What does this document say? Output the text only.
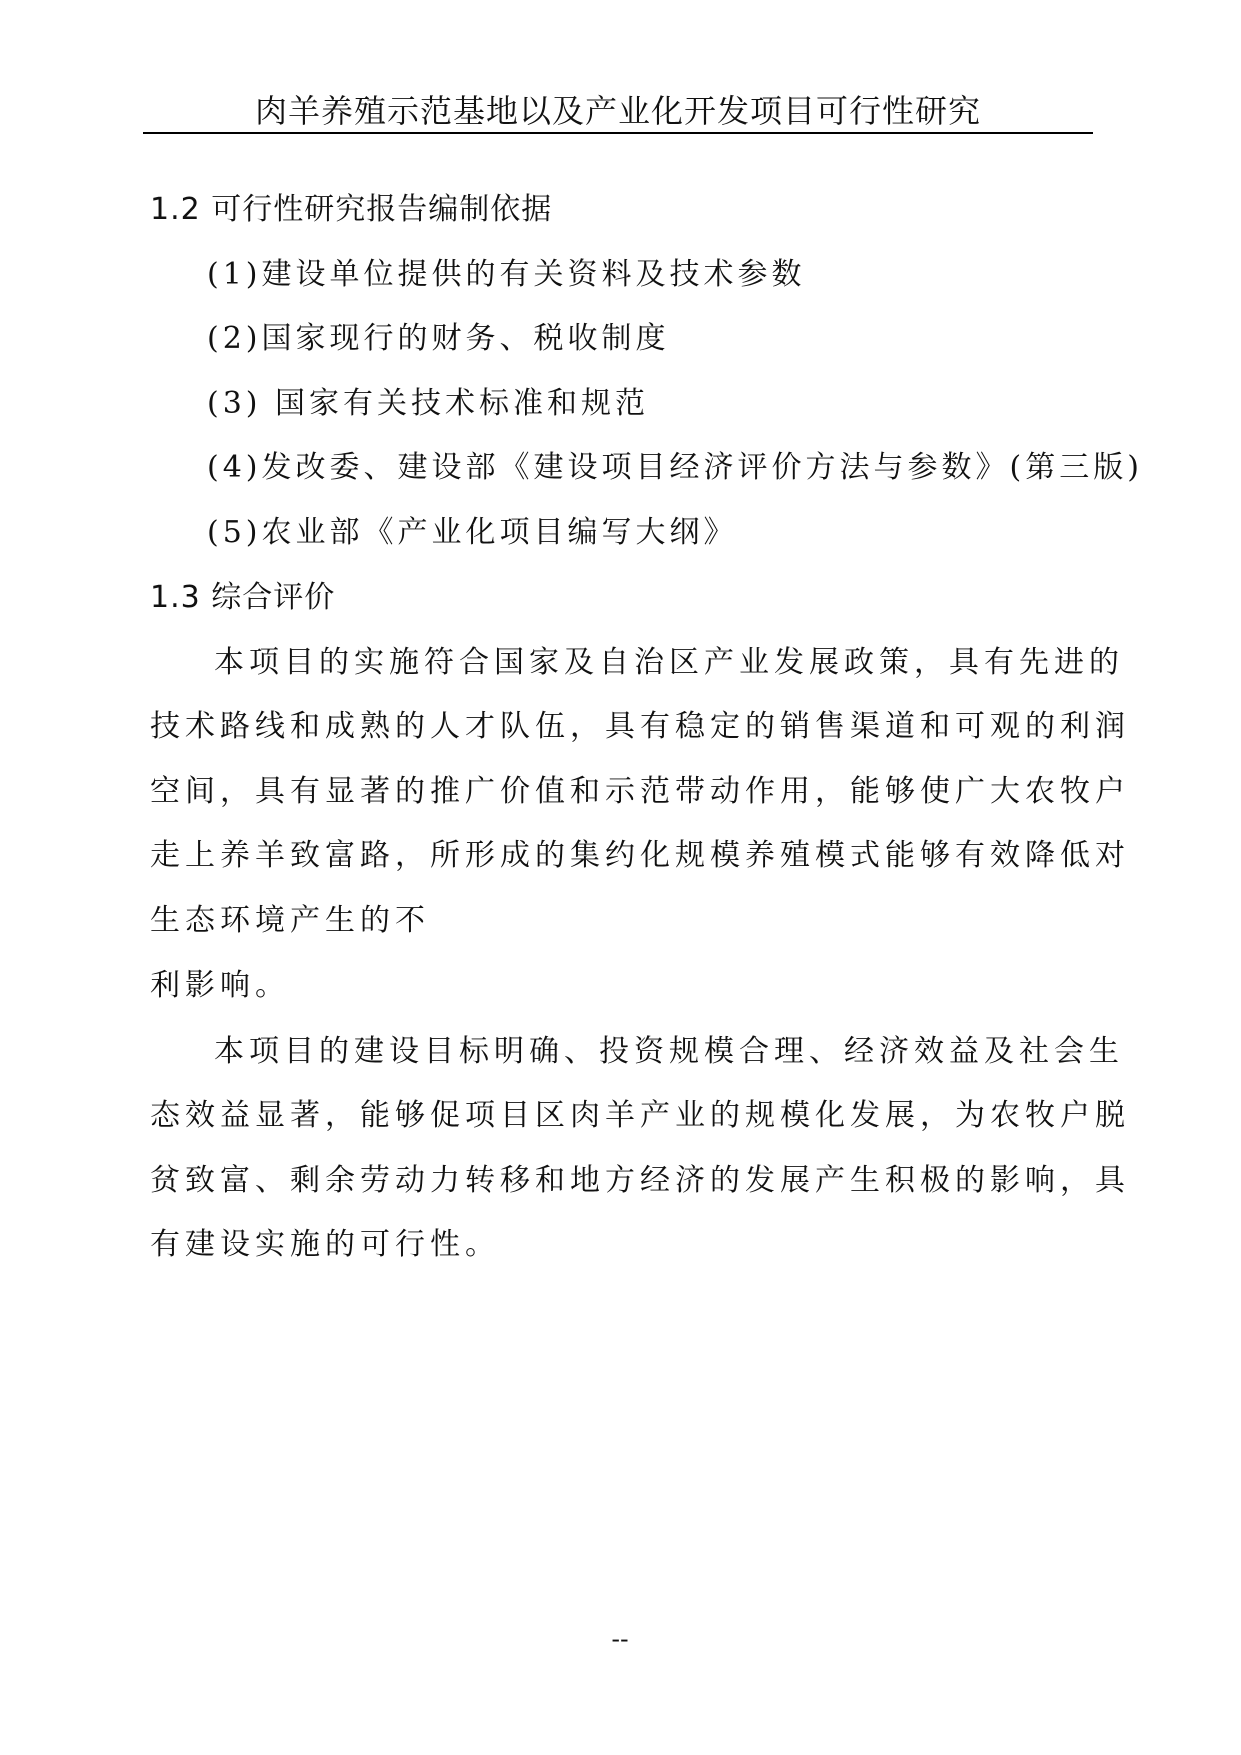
肉羊养殖示范基地以及产业化开发项目可行性研究
1.2 可行性研究报告编制依据
(1)建设单位提供的有关资料及技术参数
(2)国家现行的财务、税收制度
(3) 国家有关技术标准和规范
(4)发改委、建设部《建设项目经济评价方法与参数》(第三版)
(5)农业部《产业化项目编写大纲》
1.3 综合评价
本项目的实施符合国家及自治区产业发展政策，具有先进的
技术路线和成熟的人才队伍，具有稳定的销售渠道和可观的利润
空间，具有显著的推广价值和示范带动作用，能够使广大农牧户
走上养羊致富路，所形成的集约化规模养殖模式能够有效降低对
生态环境产生的不
利影响。
本项目的建设目标明确、投资规模合理、经济效益及社会生
态效益显著，能够促项目区肉羊产业的规模化发展，为农牧户脱
贫致富、剩余劳动力转移和地方经济的发展产生积极的影响，具
有建设实施的可行性。
--
